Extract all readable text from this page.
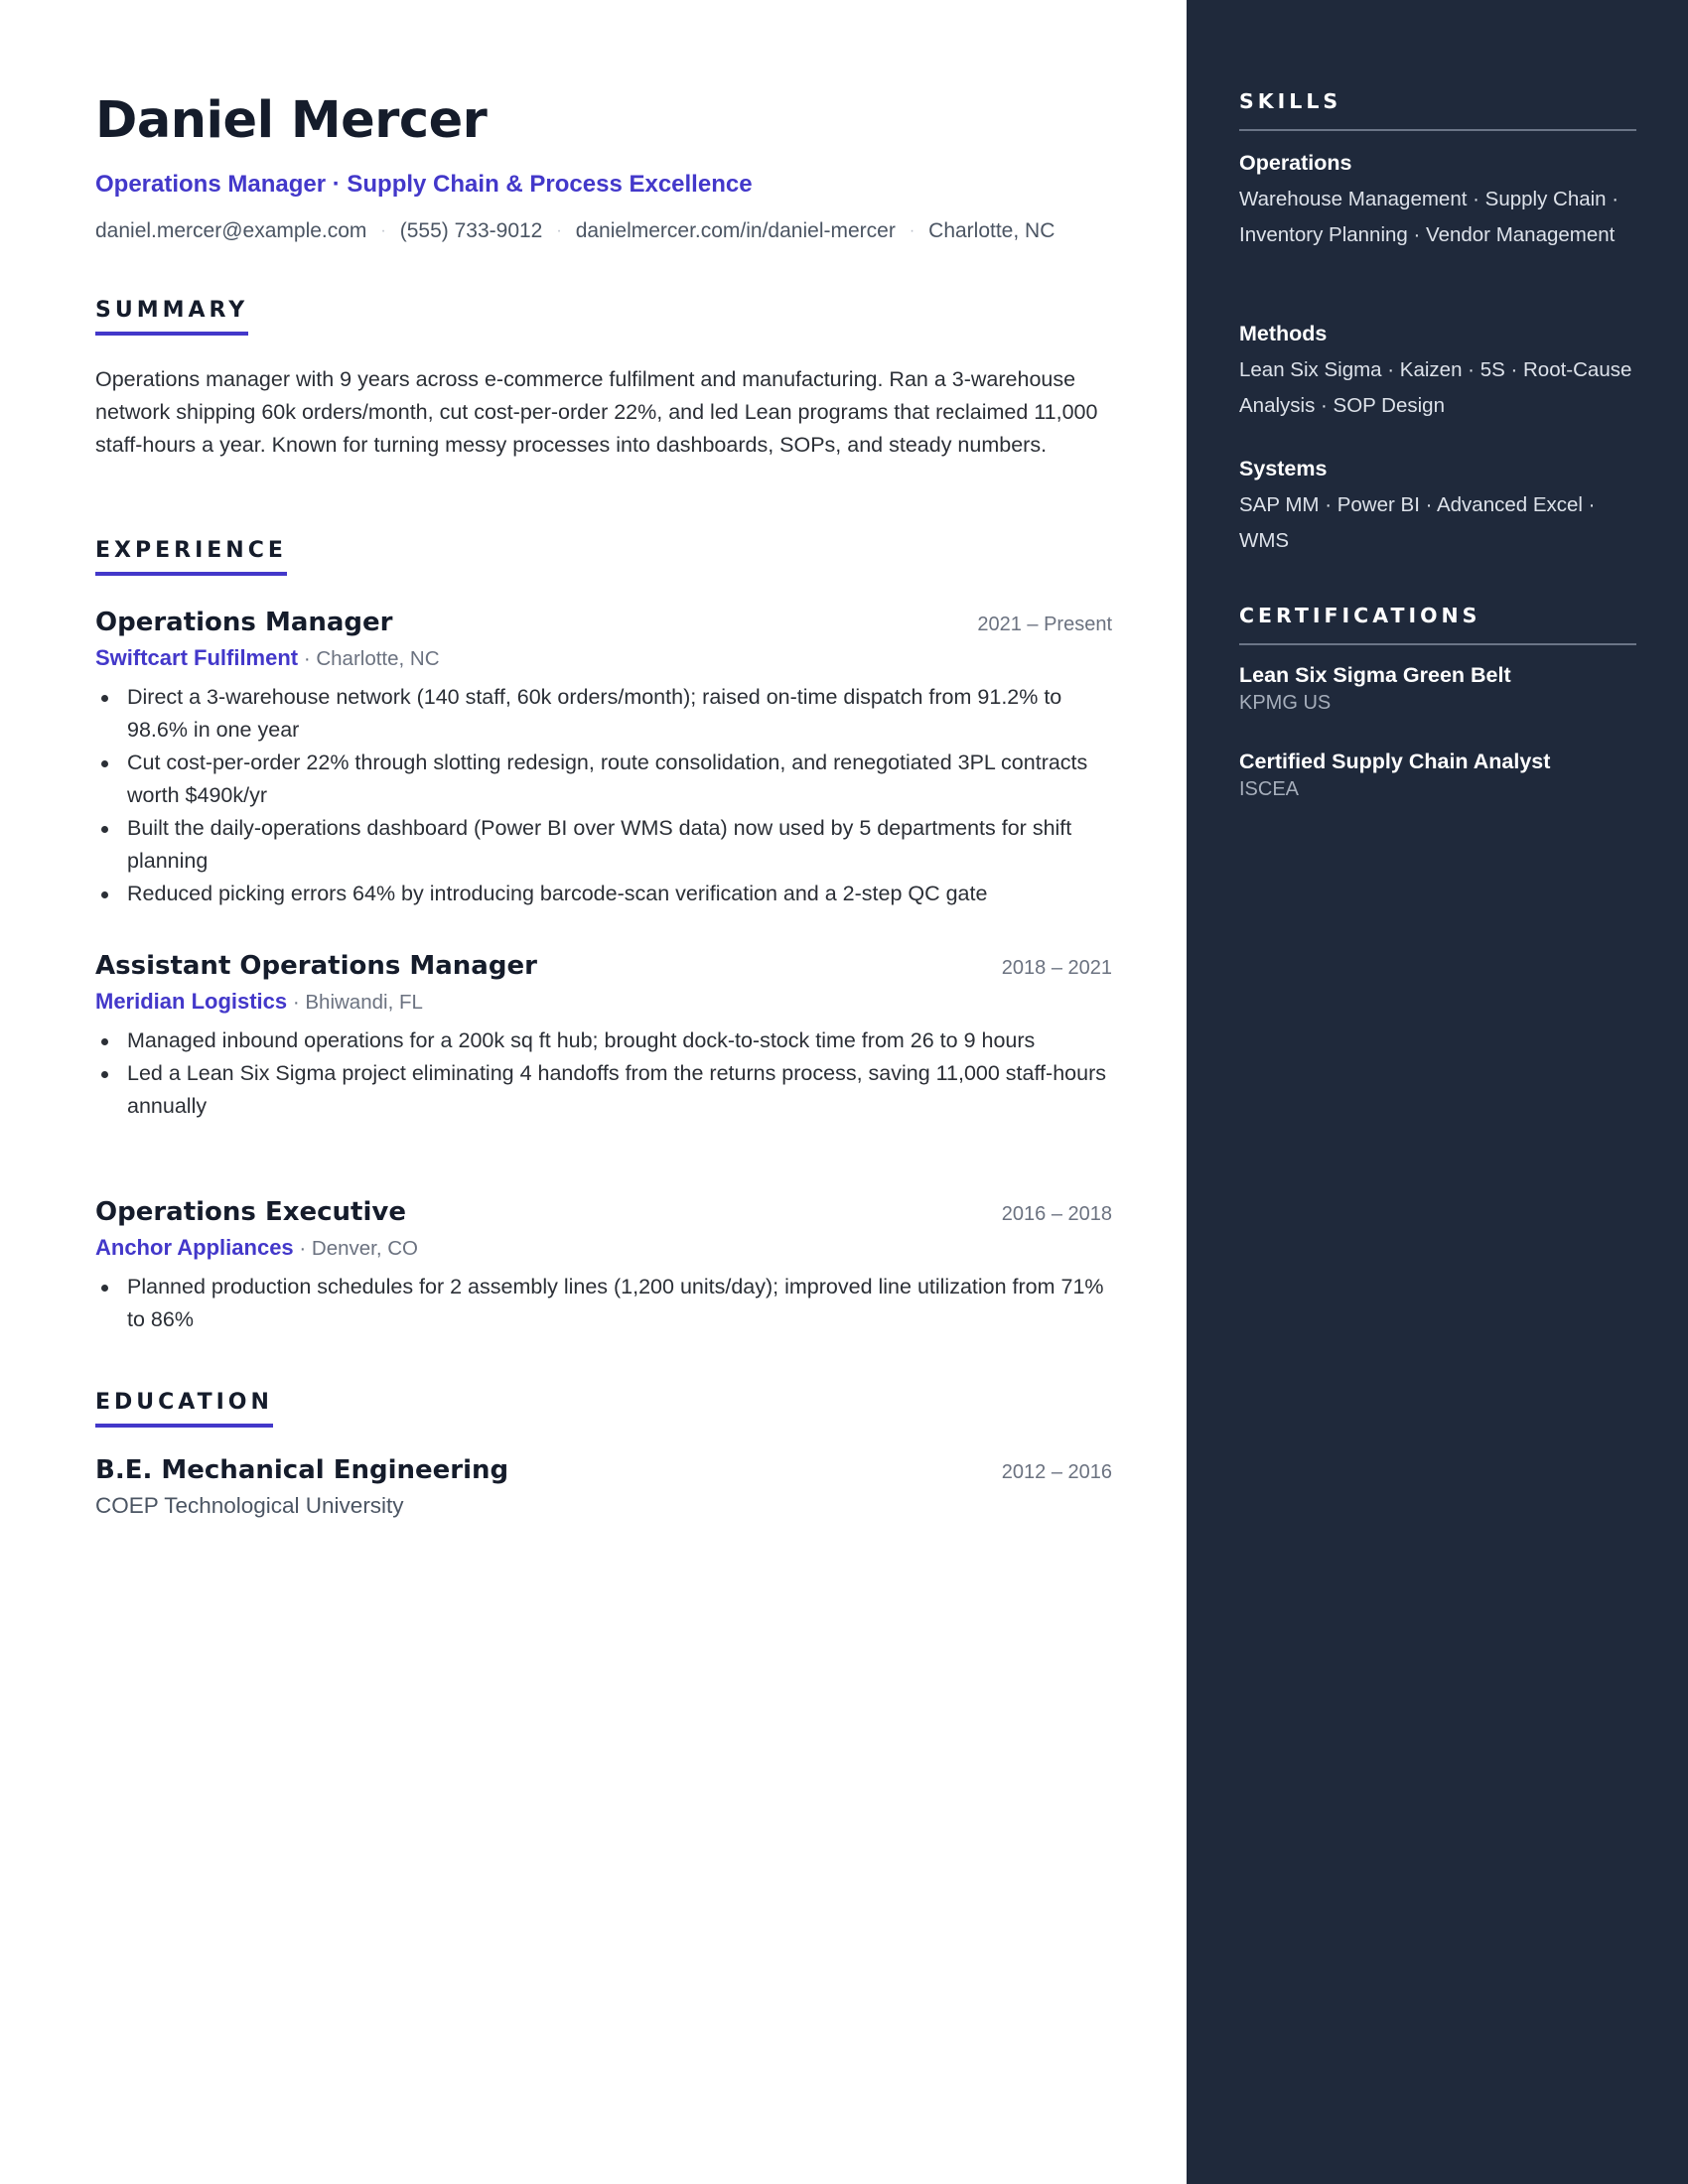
Daniel Mercer
Operations Manager · Supply Chain & Process Excellence
daniel.mercer@example.com · (555) 733-9012 · danielmercer.com/in/daniel-mercer · Charlotte, NC
SUMMARY

Operations manager with 9 years across e-commerce fulfilment and manufacturing. Ran a 3-warehouse network shipping 60k orders/month, cut cost-per-order 22%, and led Lean programs that reclaimed 11,000 staff-hours a year. Known for turning messy processes into dashboards, SOPs, and steady numbers.

EXPERIENCE
Operations Manager	2021 – Present
Swiftcart Fulfilment · Charlotte, NC
Direct a 3-warehouse network (140 staff, 60k orders/month); raised on-time dispatch from 91.2% to 98.6% in one year
Cut cost-per-order 22% through slotting redesign, route consolidation, and renegotiated 3PL contracts worth $490k/yr
Built the daily-operations dashboard (Power BI over WMS data) now used by 5 departments for shift planning
Reduced picking errors 64% by introducing barcode-scan verification and a 2-step QC gate
Assistant Operations Manager	2018 – 2021
Meridian Logistics · Bhiwandi, FL
Managed inbound operations for a 200k sq ft hub; brought dock-to-stock time from 26 to 9 hours
Led a Lean Six Sigma project eliminating 4 handoffs from the returns process, saving 11,000 staff-hours annually
Operations Executive	2016 – 2018
Anchor Appliances · Denver, CO
Planned production schedules for 2 assembly lines (1,200 units/day); improved line utilization from 71% to 86%
EDUCATION
B.E. Mechanical Engineering	2012 – 2016
COEP Technological University
SKILLS
Operations
Warehouse Management · Supply Chain · Inventory Planning · Vendor Management
Methods
Lean Six Sigma · Kaizen · 5S · Root-Cause Analysis · SOP Design
Systems
SAP MM · Power BI · Advanced Excel · WMS
CERTIFICATIONS
Lean Six Sigma Green Belt
KPMG US
Certified Supply Chain Analyst
ISCEA
